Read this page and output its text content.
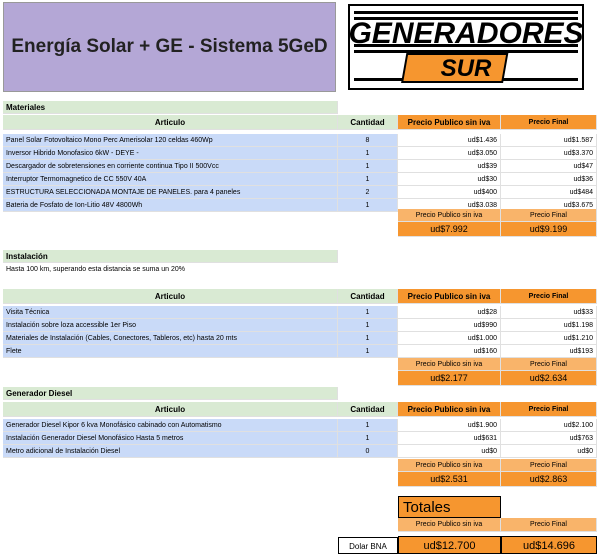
Energía Solar + GE - Sistema 5GeD GENERADORES
SUR
Materiales
Articulo	Cantidad	Precio Publico sin iva	Precio Final
Panel Solar Fotovoltaico Mono Perc Amerisolar 120 celdas 460Wp	8	ud$1.436	ud$1.587
Inversor Hibrido Monofasico 6kW - DEYE -	1	ud$3.050	ud$3.370
Descargador de sobretensiones en corriente continua Tipo II 500Vcc	1	ud$39	ud$47
Interruptor Termomagnetico de CC 550V 40A	1	ud$30	ud$36
ESTRUCTURA SELECCIONADA MONTAJE DE PANELES. para 4 paneles	2	ud$400	ud$484
Bateria de Fosfato de Ion-Litio 48V 4800Wh	1	ud$3.038	ud$3.675
Precio Publico sin iva	Precio Final
ud$7.992	ud$9.199
Instalación
Hasta 100 km, superando esta distancia se suma un 20%
Articulo	Cantidad	Precio Publico sin iva	Precio Final
Visita Técnica	1	ud$28	ud$33
Instalación sobre loza accessible 1er Piso	1	ud$990	ud$1.198
Materiales de Instalación (Cables, Conectores, Tableros, etc) hasta 20 mts	1	ud$1.000	ud$1.210
Flete	1	ud$160	ud$193
Precio Publico sin iva	Precio Final
ud$2.177	ud$2.634
Generador Diesel
Articulo	Cantidad	Precio Publico sin iva	Precio Final
Generador Diesel Kipor 6 kva Monofásico cabinado con Automatismo	1	ud$1.900	ud$2.100
Instalación Generador Diesel Monofásico Hasta 5 metros	1	ud$631	ud$763
Metro adicional de Instalación Diesel	0	ud$0	ud$0
Precio Publico sin iva	Precio Final
ud$2.531	ud$2.863
Totales
Precio Publico sin iva	Precio Final
Dolar BNA	ud$12.700	ud$14.696
